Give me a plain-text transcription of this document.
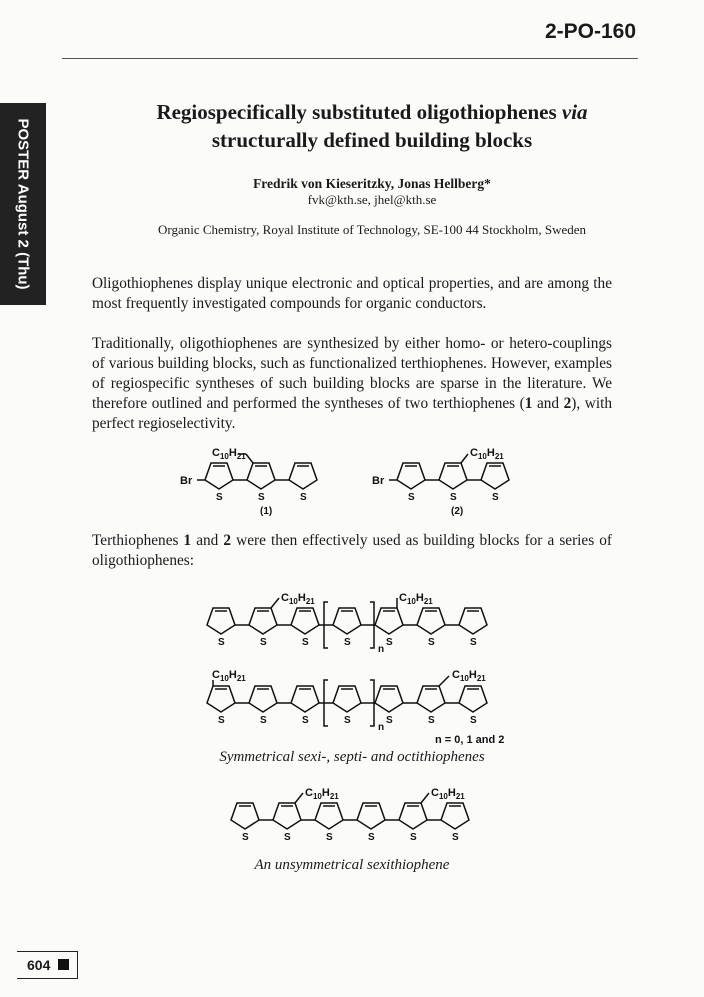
2-PO-160
POSTER August 2 (Thu)
Regiospecifically substituted oligothiophenes via
structurally defined building blocks
Fredrik von Kieseritzky, Jonas Hellberg*
fvk@kth.se, jhel@kth.se
Organic Chemistry, Royal Institute of Technology, SE-100 44 Stockholm, Sweden
Oligothiophenes display unique electronic and optical properties, and are among the most frequently investigated compounds for organic conductors.
Traditionally, oligothiophenes are synthesized by either homo- or hetero-couplings of various building blocks, such as functionalized terthiophenes. However, examples of regiospecific syntheses of such building blocks are sparse in the literature. We therefore outlined and performed the syntheses of two terthiophenes (1 and 2), with perfect regioselectivity.
Br
S	S
$C_{10}H_{21}$
S
(1)
Br
S	S
$C_{10}H_{21}$
S
(2)
Terthiophenes 1 and 2 were then effectively used as building blocks for a series of oligothiophenes:
S	S	S
$C_{10}H_{21}$
S
n
S
$C_{10}H_{21}$
S	S
S
$C_{10}H_{21}$
S	S	S
n
S	S	S
$C_{10}H_{21}$
n = 0, 1 and 2
Symmetrical sexi-, septi- and octithiophenes
S	S
$C_{10}H_{21}$
S	S	S
$C_{10}H_{21}$
S
An unsymmetrical sexithiophene
604
